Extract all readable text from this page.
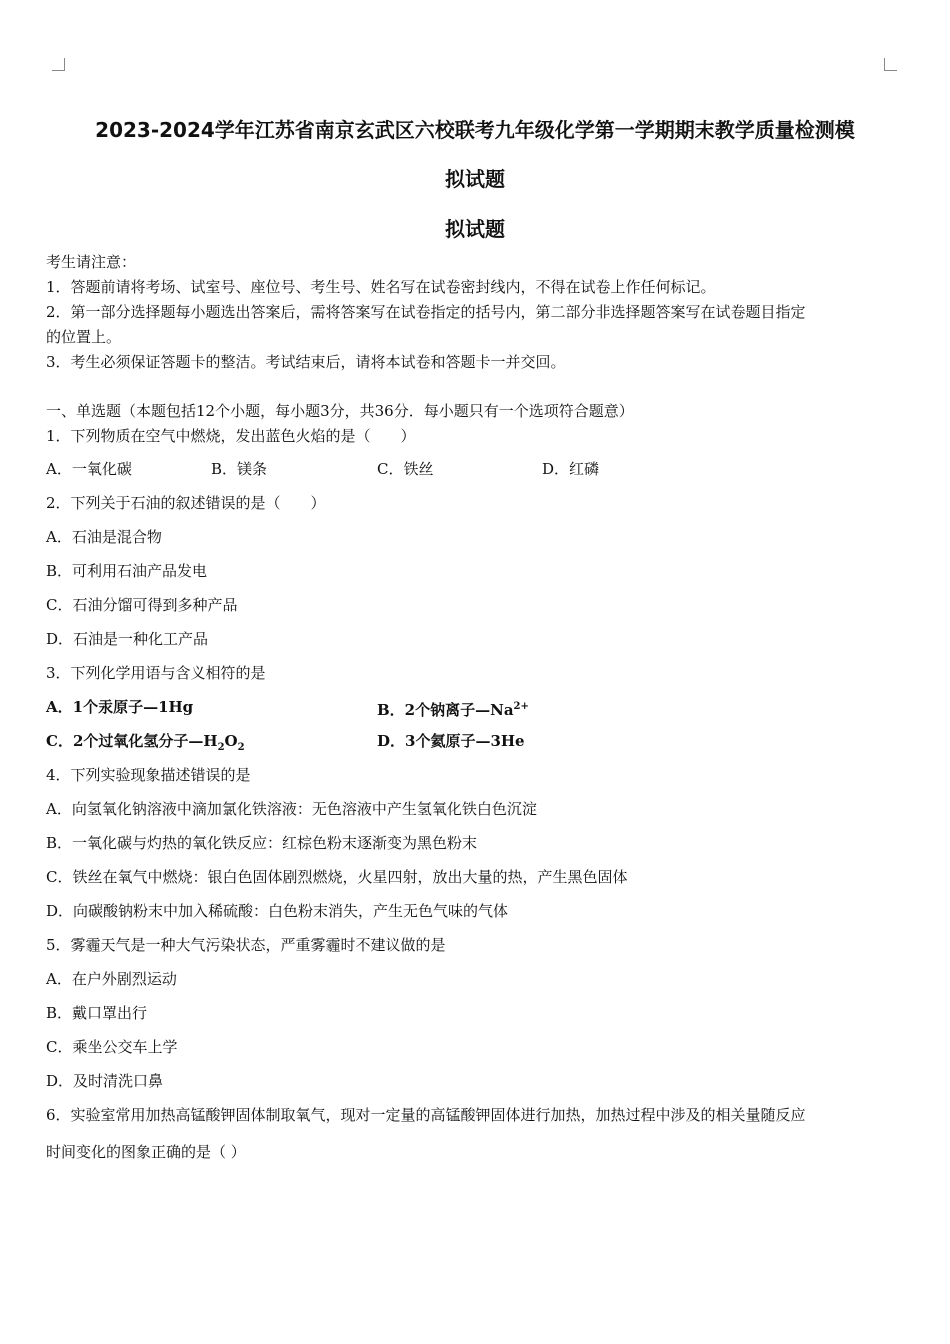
2023-2024学年江苏省南京玄武区六校联考九年级化学第一学期期末教学质量检测模
拟试题
拟试题
考生请注意：
1．答题前请将考场、试室号、座位号、考生号、姓名写在试卷密封线内，不得在试卷上作任何标记。
2．第一部分选择题每小题选出答案后，需将答案写在试卷指定的括号内，第二部分非选择题答案写在试卷题目指定
的位置上。
3．考生必须保证答题卡的整洁。考试结束后，请将本试卷和答题卡一并交回。
一、单选题（本题包括12个小题，每小题3分，共36分．每小题只有一个选项符合题意）
1．下列物质在空气中燃烧，发出蓝色火焰的是（　　）
A．一氧化碳	B．镁条	C．铁丝	D．红磷
2．下列关于石油的叙述错误的是（　　）
A．石油是混合物
B．可利用石油产品发电
C．石油分馏可得到多种产品
D．石油是一种化工产品
3．下列化学用语与含义相符的是
A．1个汞原子—1Hg	B．2个钠离子$—Na^{2+}$
C．2个过氧化氢分子$—H_2O_2$	D．3个氦原子—3He
4．下列实验现象描述错误的是
A．向氢氧化钠溶液中滴加氯化铁溶液：无色溶液中产生氢氧化铁白色沉淀
B．一氧化碳与灼热的氧化铁反应：红棕色粉末逐渐变为黑色粉末
C．铁丝在氧气中燃烧：银白色固体剧烈燃烧，火星四射，放出大量的热，产生黑色固体
D．向碳酸钠粉末中加入稀硫酸：白色粉末消失，产生无色气味的气体
5．雾霾天气是一种大气污染状态，严重雾霾时不建议做的是
A．在户外剧烈运动
B．戴口罩出行
C．乘坐公交车上学
D．及时清洗口鼻
6．实验室常用加热高锰酸钾固体制取氧气，现对一定量的高锰酸钾固体进行加热，加热过程中涉及的相关量随反应
时间变化的图象正确的是（ ）
